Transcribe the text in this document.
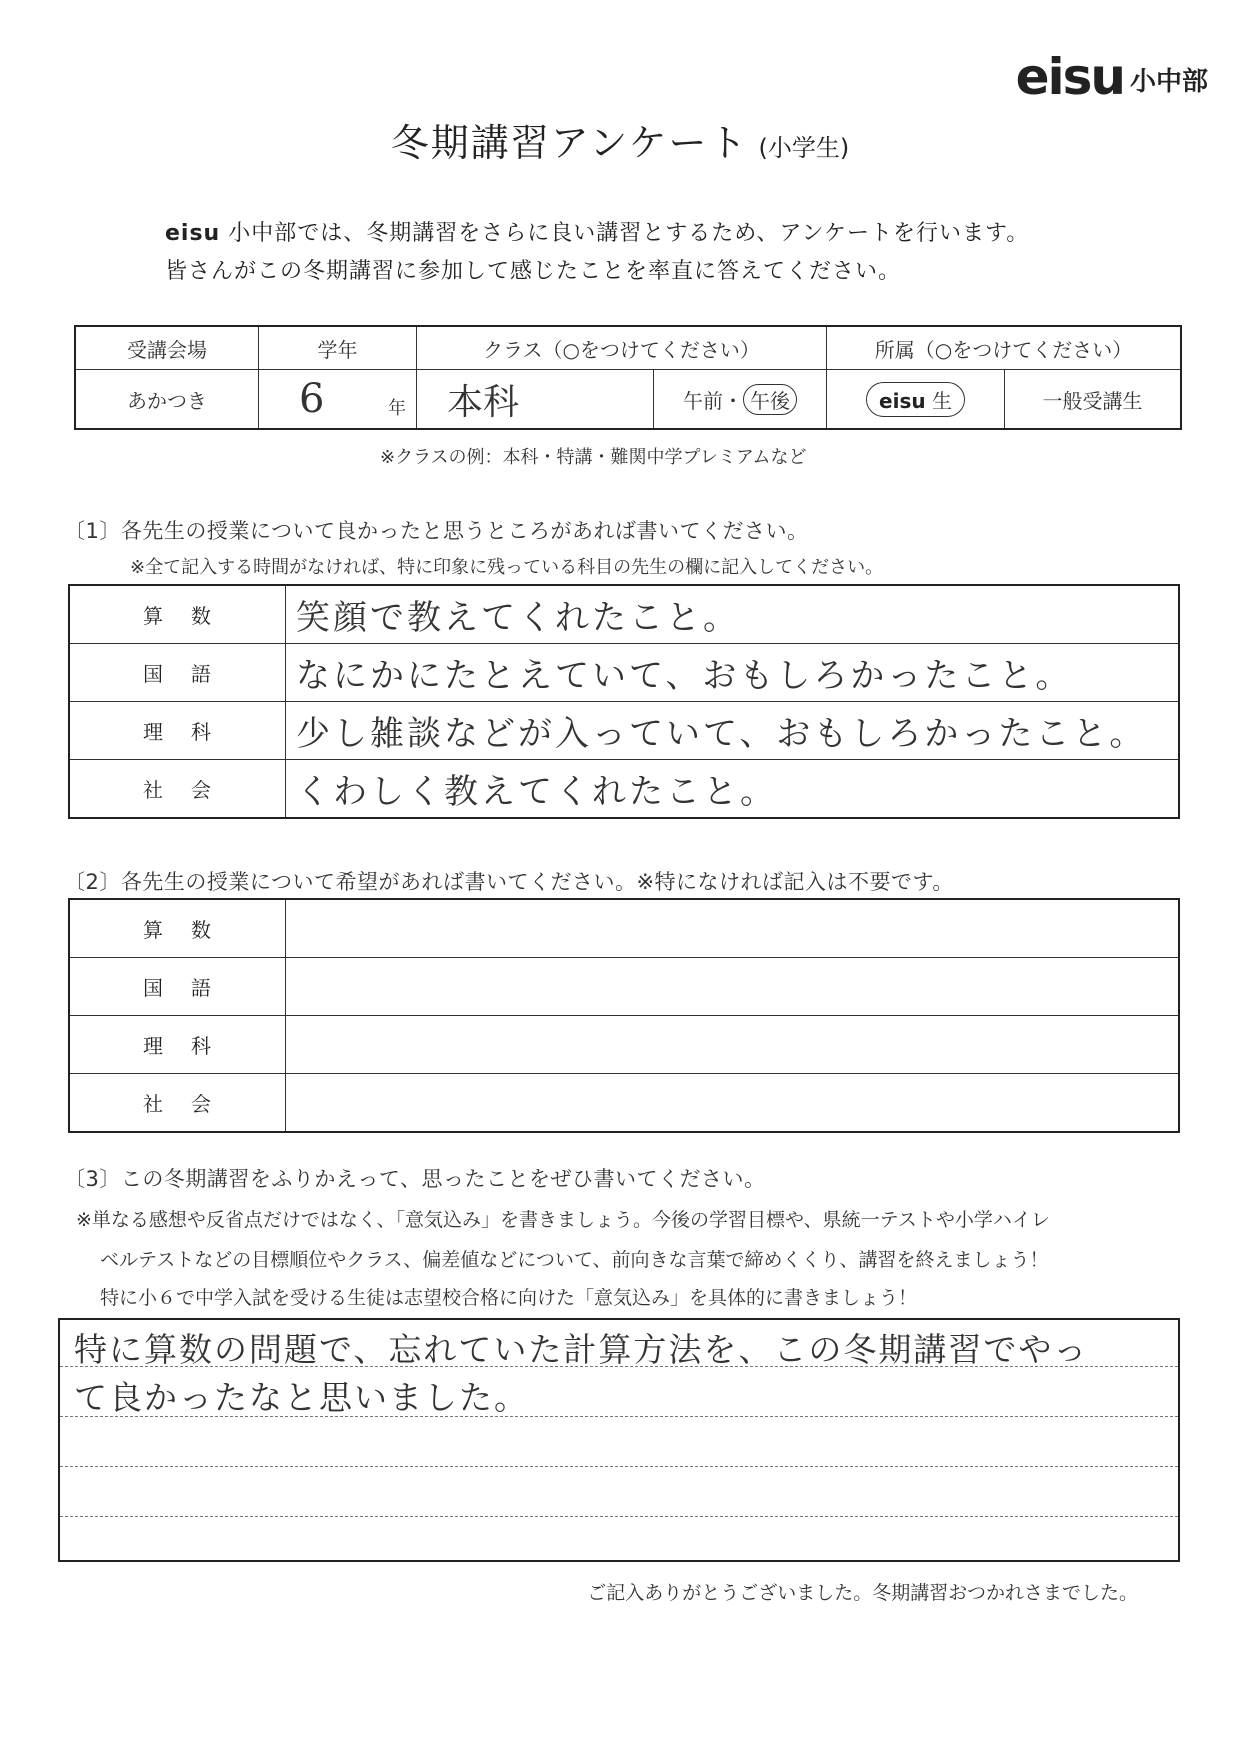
eisu 小中部
冬期講習アンケート (小学生)
eisu 小中部では、冬期講習をさらに良い講習とするため、アンケートを行います。
皆さんがこの冬期講習に参加して感じたことを率直に答えてください。
受講会場	学年	クラス（○をつけてください）		所属（○をつけてください）	
あかつき	6 年	本科	午前・ 午後	eisu 生	一般受講生
※クラスの例：本科・特講・難関中学プレミアムなど
〔1〕各先生の授業について良かったと思うところがあれば書いてください。
※全て記入する時間がなければ、特に印象に残っている科目の先生の欄に記入してください。
算数	笑顔で教えてくれたこと。
国語	なにかにたとえていて、おもしろかったこと。
理科	少し雑談などが入っていて、おもしろかったこと。
社会	くわしく教えてくれたこと。
〔2〕各先生の授業について希望があれば書いてください。※特になければ記入は不要です。
算数	
国語	
理科	
社会	
〔3〕この冬期講習をふりかえって、思ったことをぜひ書いてください。
※単なる感想や反省点だけではなく、「意気込み」を書きましょう。今後の学習目標や、県統一テストや小学ハイレ
ベルテストなどの目標順位やクラス、偏差値などについて、前向きな言葉で締めくくり、講習を終えましょう！
特に小６で中学入試を受ける生徒は志望校合格に向けた「意気込み」を具体的に書きましょう！
特に算数の問題で、忘れていた計算方法を、この冬期講習でやっ
て良かったなと思いました。
ご記入ありがとうございました。冬期講習おつかれさまでした。
